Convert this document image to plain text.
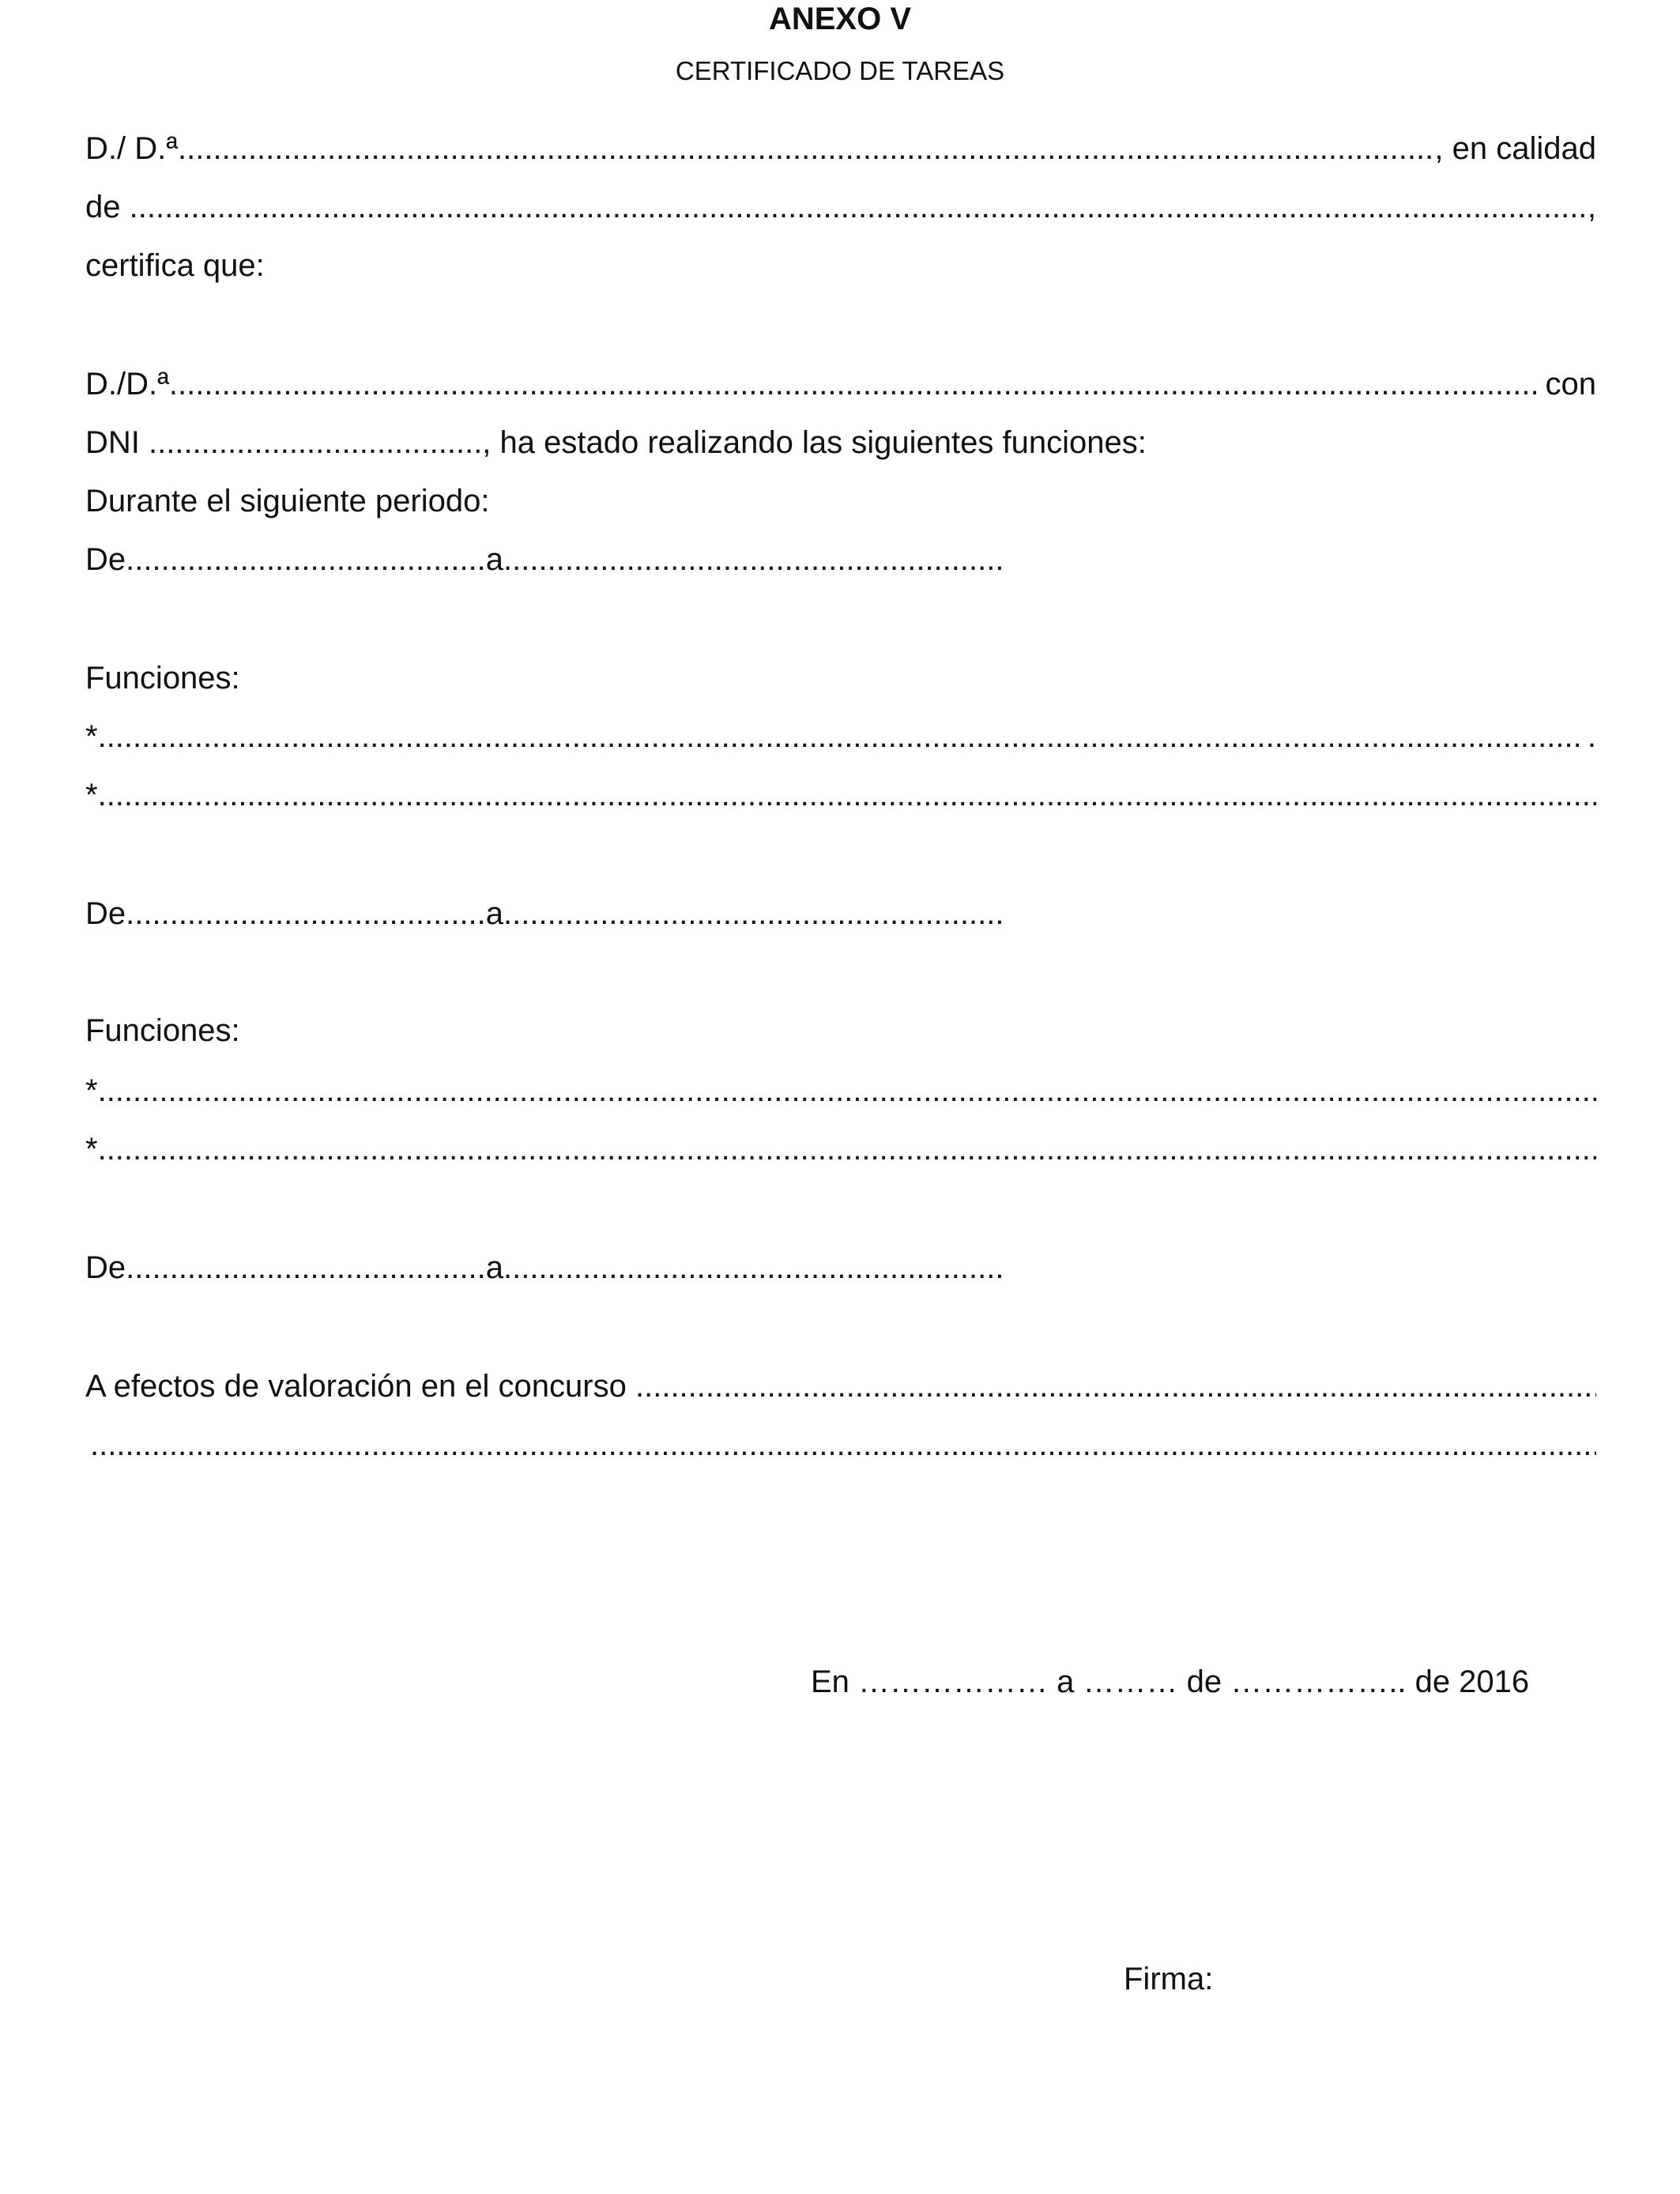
ANEXO V
CERTIFICADO DE TAREAS
D./ D.ª .....	, en calidad
de .....	,

certifica que:

D./D.ª .....	con

DNI ......................................, ha estado realizando las siguientes funciones:

Durante el siguiente periodo:

De.........................................a.........................................................

Funciones:

* .....	.
*
.....

De.........................................a.........................................................

Funciones:

*
.....
*
.....

De.........................................a.........................................................

A efectos de valoración en el concurso
.....
.....

En ……………… a ……… de …………….. de 2016

Firma:
